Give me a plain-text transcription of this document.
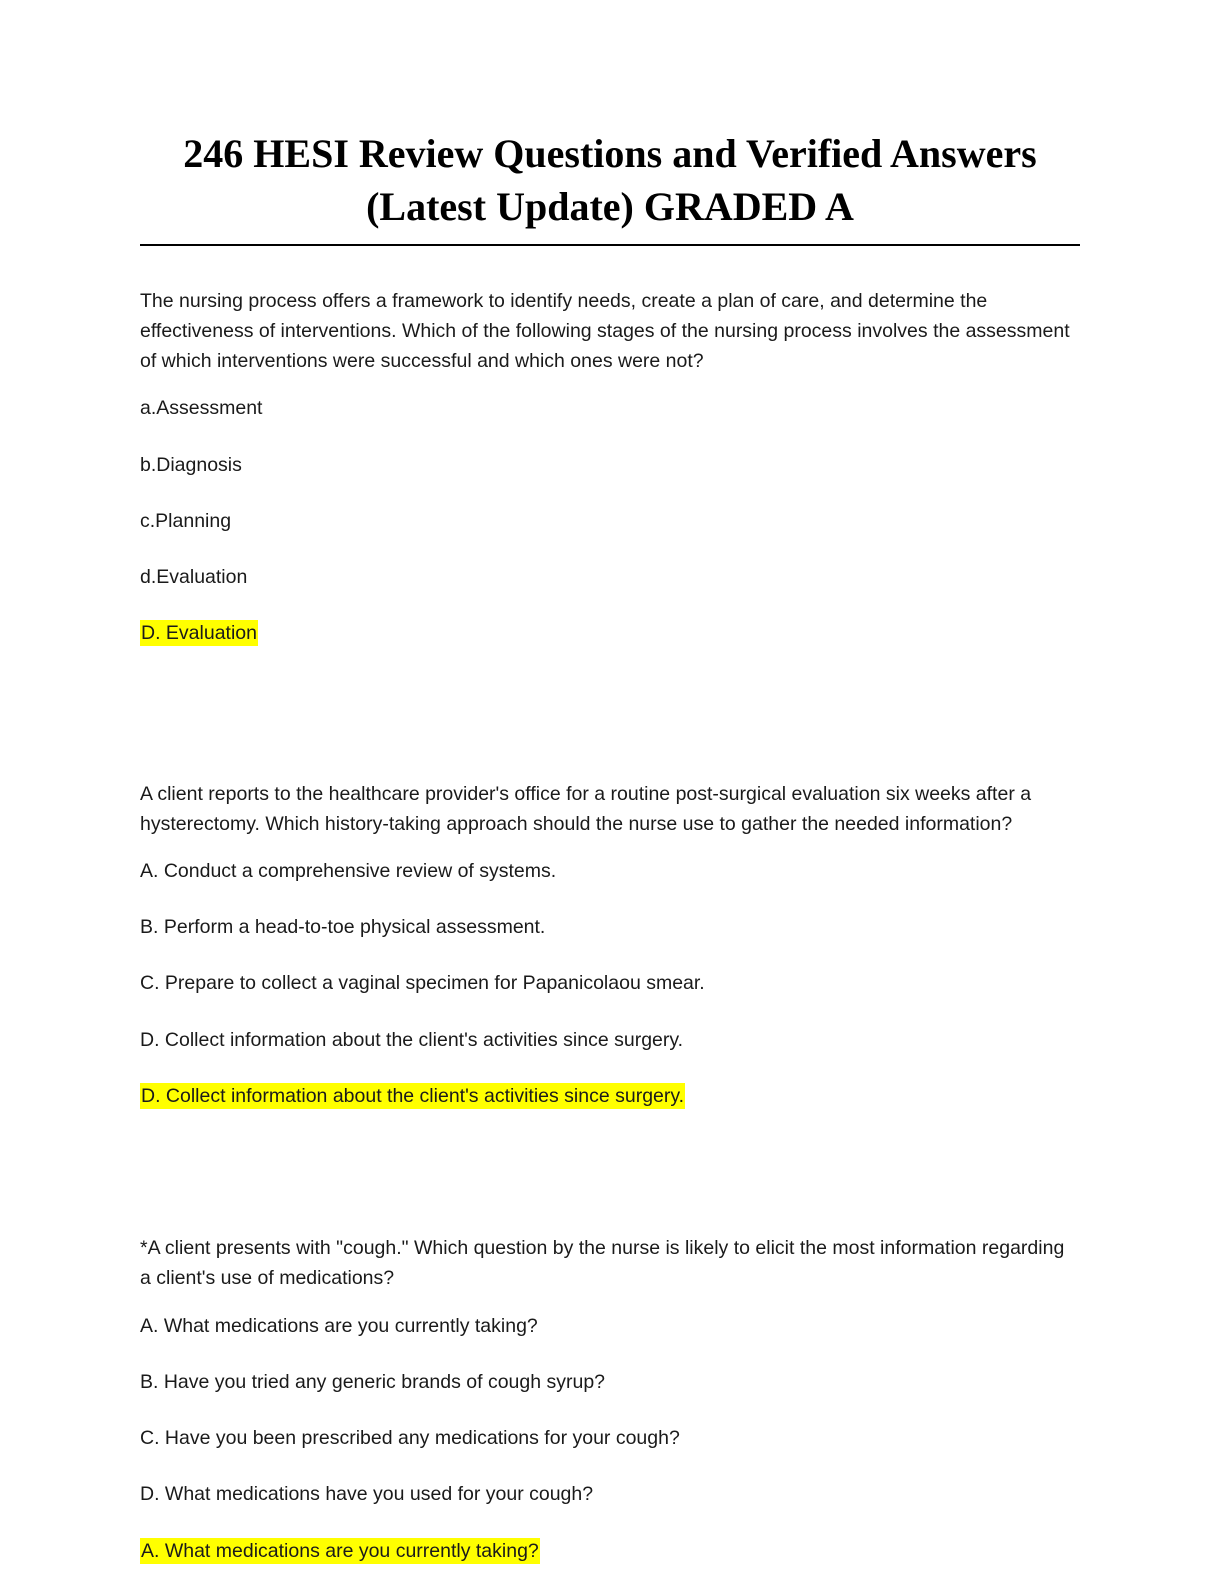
246 HESI Review Questions and Verified Answers (Latest Update) GRADED A

The nursing process offers a framework to identify needs, create a plan of care, and determine the effectiveness of interventions. Which of the following stages of the nursing process involves the assessment of which interventions were successful and which ones were not?

a.Assessment

b.Diagnosis

c.Planning

d.Evaluation

D. Evaluation

A client reports to the healthcare provider's office for a routine post-surgical evaluation six weeks after a hysterectomy. Which history-taking approach should the nurse use to gather the needed information?

A. Conduct a comprehensive review of systems.

B. Perform a head-to-toe physical assessment.

C. Prepare to collect a vaginal specimen for Papanicolaou smear.

D. Collect information about the client's activities since surgery.

D. Collect information about the client's activities since surgery.

*A client presents with "cough." Which question by the nurse is likely to elicit the most information regarding a client's use of medications?

A. What medications are you currently taking?

B. Have you tried any generic brands of cough syrup?

C. Have you been prescribed any medications for your cough?

D. What medications have you used for your cough?

A. What medications are you currently taking?
